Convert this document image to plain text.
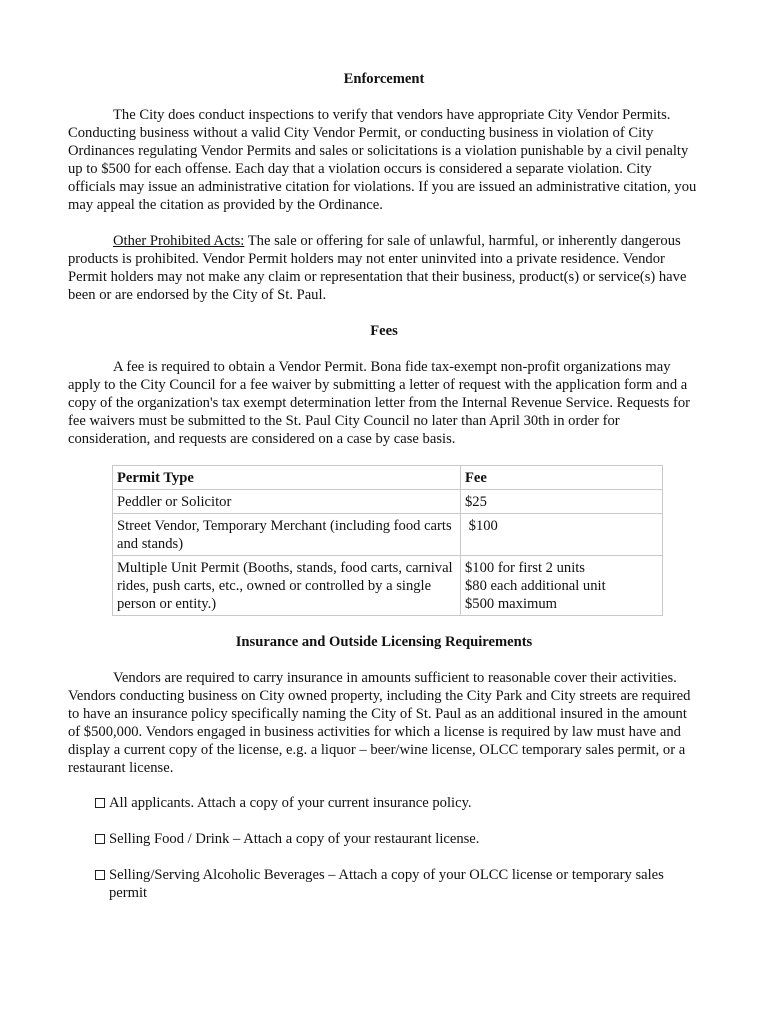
Enforcement

The City does conduct inspections to verify that vendors have appropriate City Vendor Permits. Conducting business without a valid City Vendor Permit, or conducting business in violation of City Ordinances regulating Vendor Permits and sales or solicitations is a violation punishable by a civil penalty up to $500 for each offense. Each day that a violation occurs is considered a separate violation. City officials may issue an administrative citation for violations. If you are issued an administrative citation, you may appeal the citation as provided by the Ordinance.

Other Prohibited Acts: The sale or offering for sale of unlawful, harmful, or inherently dangerous products is prohibited. Vendor Permit holders may not enter uninvited into a private residence. Vendor Permit holders may not make any claim or representation that their business, product(s) or service(s) have been or are endorsed by the City of St. Paul.

Fees

A fee is required to obtain a Vendor Permit. Bona fide tax-exempt non-profit organizations may apply to the City Council for a fee waiver by submitting a letter of request with the application form and a copy of the organization's tax exempt determination letter from the Internal Revenue Service. Requests for fee waivers must be submitted to the St. Paul City Council no later than April 30th in order for consideration, and requests are considered on a case by case basis.

Permit Type	Fee
Peddler or Solicitor	$25
Street Vendor, Temporary Merchant (including food carts and stands)	$100
Multiple Unit Permit (Booths, stands, food carts, carnival rides, push carts, etc., owned or controlled by a single person or entity.)	$100 for first 2 units
$80 each additional unit
$500 maximum
Insurance and Outside Licensing Requirements

Vendors are required to carry insurance in amounts sufficient to reasonable cover their activities. Vendors conducting business on City owned property, including the City Park and City streets are required to have an insurance policy specifically naming the City of St. Paul as an additional insured in the amount of $500,000. Vendors engaged in business activities for which a license is required by law must have and display a current copy of the license, e.g. a liquor – beer/wine license, OLCC temporary sales permit, or a restaurant license.

All applicants. Attach a copy of your current insurance policy.
Selling Food / Drink – Attach a copy of your restaurant license.
Selling/Serving Alcoholic Beverages – Attach a copy of your OLCC license or temporary sales permit
